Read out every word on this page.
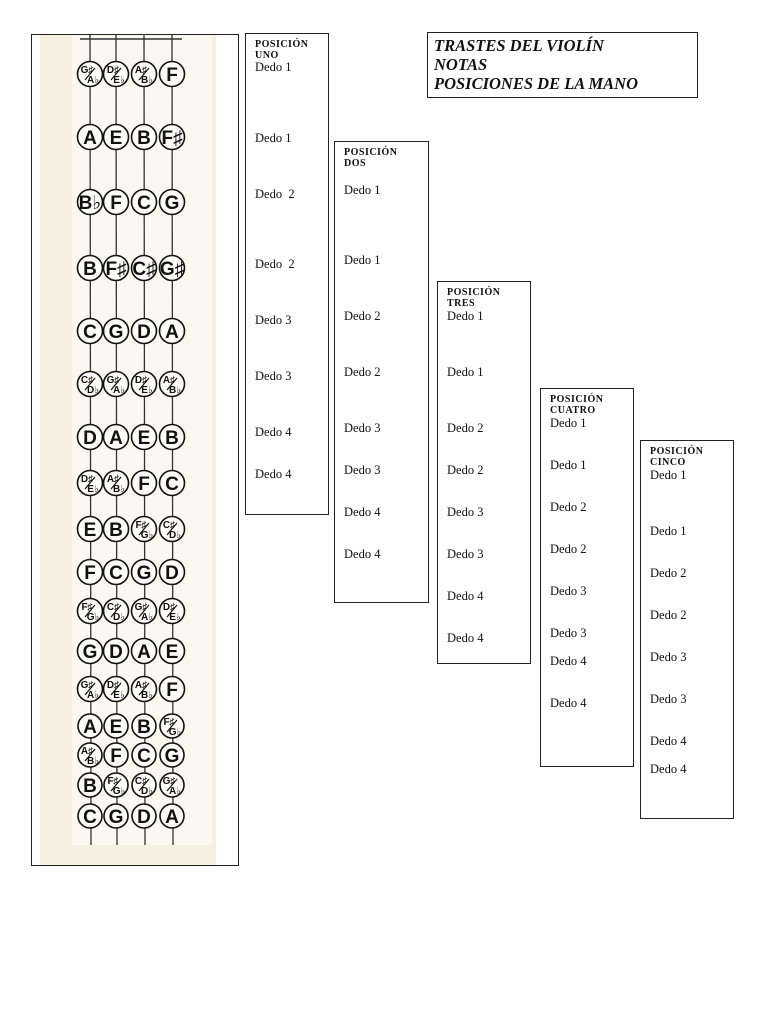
G♯
A♭
D♯
E♭
A♯
B♭ F
A E B F♯
B♭ F C G
B F♯ C♯ G♯
C G D A
C♯
D♭
G♯
A♭
D♯
E♭
A♯
B♭
D A E B
D♯
E♭
A♯
B♭ F C
E B F♯
G♭
C♯
D♭
F C G D
F♯
G♭
C♯
D♭
G♯
A♭
D♯
E♭
G D A E
G♯
A♭
D♯
E♭
A♯
B♭ F
A E B F♯
G♭
A♯
B♭ F C G
B F♯
G♭
C♯
D♭
G♯
A♭
C G D A
TRASTES DEL VIOLÍN
NOTAS
POSICIONES DE LA MANO
POSICIÓN
UNO
Dedo 1
Dedo 1
Dedo  2
Dedo  2
Dedo 3
Dedo 3
Dedo 4
Dedo 4
POSICIÓN
DOS
Dedo 1
Dedo 1
Dedo 2
Dedo 2
Dedo 3
Dedo 3
Dedo 4
Dedo 4
POSICIÓN
TRES
Dedo 1
Dedo 1
Dedo 2
Dedo 2
Dedo 3
Dedo 3
Dedo 4
Dedo 4
POSICIÓN
CUATRO
Dedo 1
Dedo 1
Dedo 2
Dedo 2
Dedo 3
Dedo 3
Dedo 4
Dedo 4
POSICIÓN
CINCO
Dedo 1
Dedo 1
Dedo 2
Dedo 2
Dedo 3
Dedo 3
Dedo 4
Dedo 4
